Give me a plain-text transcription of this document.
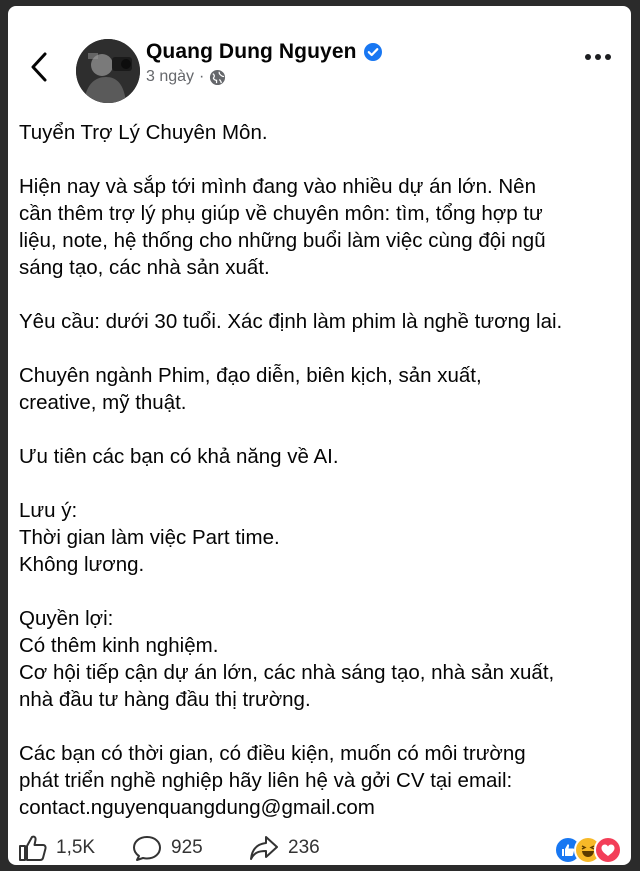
Quang Dung Nguyen
3 ngày ·

Tuyển Trợ Lý Chuyên Môn.

Hiện nay và sắp tới mình đang vào nhiều dự án lớn. Nên
cần thêm trợ lý phụ giúp về chuyên môn: tìm, tổng hợp tư
liệu, note, hệ thống cho những buổi làm việc cùng đội ngũ
sáng tạo, các nhà sản xuất.

Yêu cầu: dưới 30 tuổi. Xác định làm phim là nghề tương lai.

Chuyên ngành Phim, đạo diễn, biên kịch, sản xuất,
creative, mỹ thuật.

Ưu tiên các bạn có khả năng về AI.

Lưu ý:
Thời gian làm việc Part time.
Không lương.

Quyền lợi:
Có thêm kinh nghiệm.
Cơ hội tiếp cận dự án lớn, các nhà sáng tạo, nhà sản xuất,
nhà đầu tư hàng đầu thị trường.

Các bạn có thời gian, có điều kiện, muốn có môi trường
phát triển nghề nghiệp hãy liên hệ và gởi CV tại email:
contact.nguyenquangdung@gmail.com

1,5K	925	236
